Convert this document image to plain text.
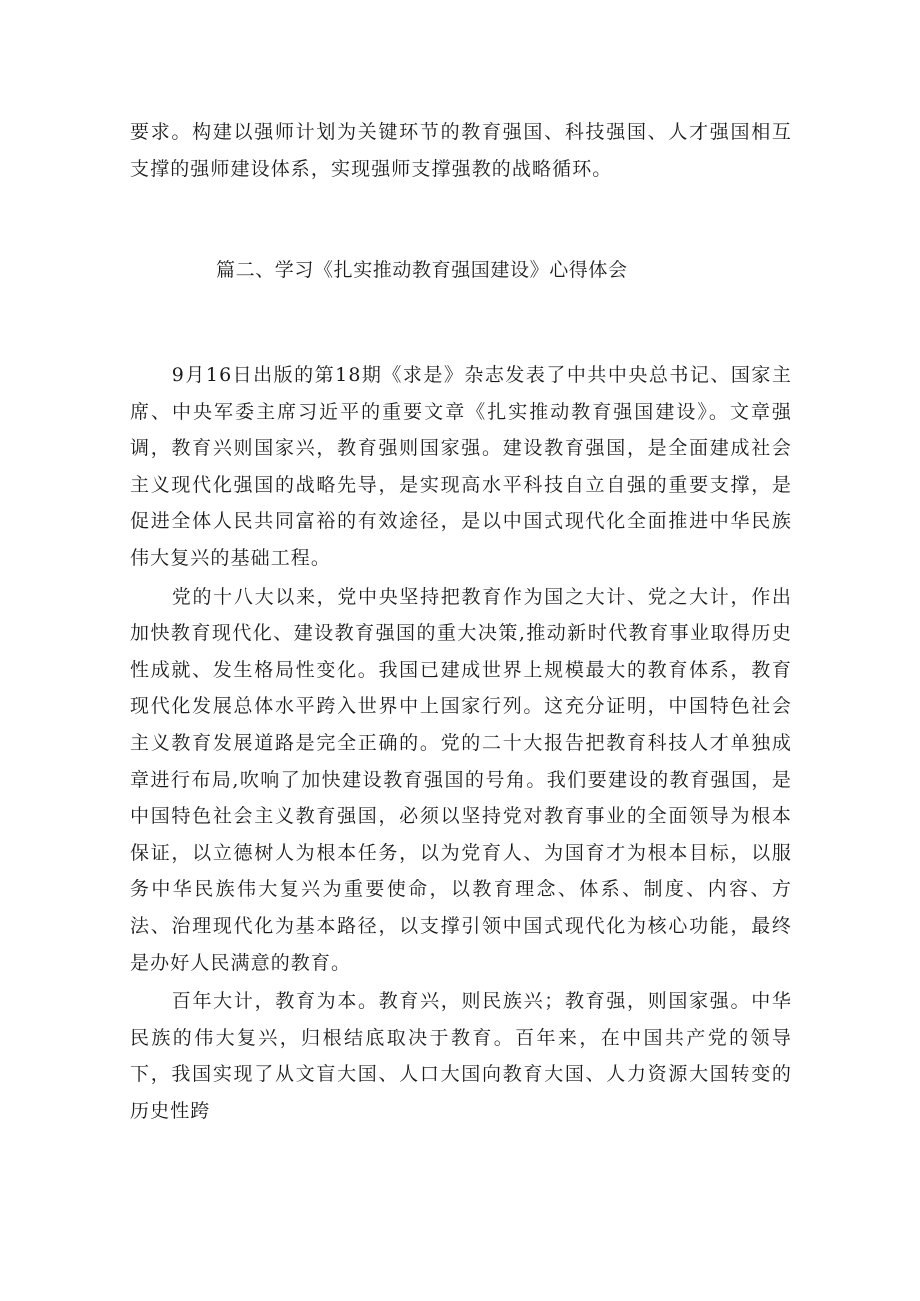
要求。构建以强师计划为关键环节的教育强国、科技强国、人才强国相互支撑的强师建设体系，实现强师支撑强教的战略循环。

篇二、学习《扎实推动教育强国建设》心得体会

9月16日出版的第18期《求是》杂志发表了中共中央总书记、国家主席、中央军委主席习近平的重要文章《扎实推动教育强国建设》。文章强调，教育兴则国家兴，教育强则国家强。建设教育强国，是全面建成社会主义现代化强国的战略先导，是实现高水平科技自立自强的重要支撑，是促进全体人民共同富裕的有效途径，是以中国式现代化全面推进中华民族伟大复兴的基础工程。

党的十八大以来，党中央坚持把教育作为国之大计、党之大计，作出加快教育现代化、建设教育强国的重大决策,推动新时代教育事业取得历史性成就、发生格局性变化。我国已建成世界上规模最大的教育体系，教育现代化发展总体水平跨入世界中上国家行列。这充分证明，中国特色社会主义教育发展道路是完全正确的。党的二十大报告把教育科技人才单独成章进行布局,吹响了加快建设教育强国的号角。我们要建设的教育强国，是中国特色社会主义教育强国，必须以坚持党对教育事业的全面领导为根本保证，以立德树人为根本任务，以为党育人、为国育才为根本目标，以服务中华民族伟大复兴为重要使命，以教育理念、体系、制度、内容、方法、治理现代化为基本路径，以支撑引领中国式现代化为核心功能，最终是办好人民满意的教育。

百年大计，教育为本。教育兴，则民族兴；教育强，则国家强。中华民族的伟大复兴，归根结底取决于教育。百年来，在中国共产党的领导下，我国实现了从文盲大国、人口大国向教育大国、人力资源大国转变的历史性跨
